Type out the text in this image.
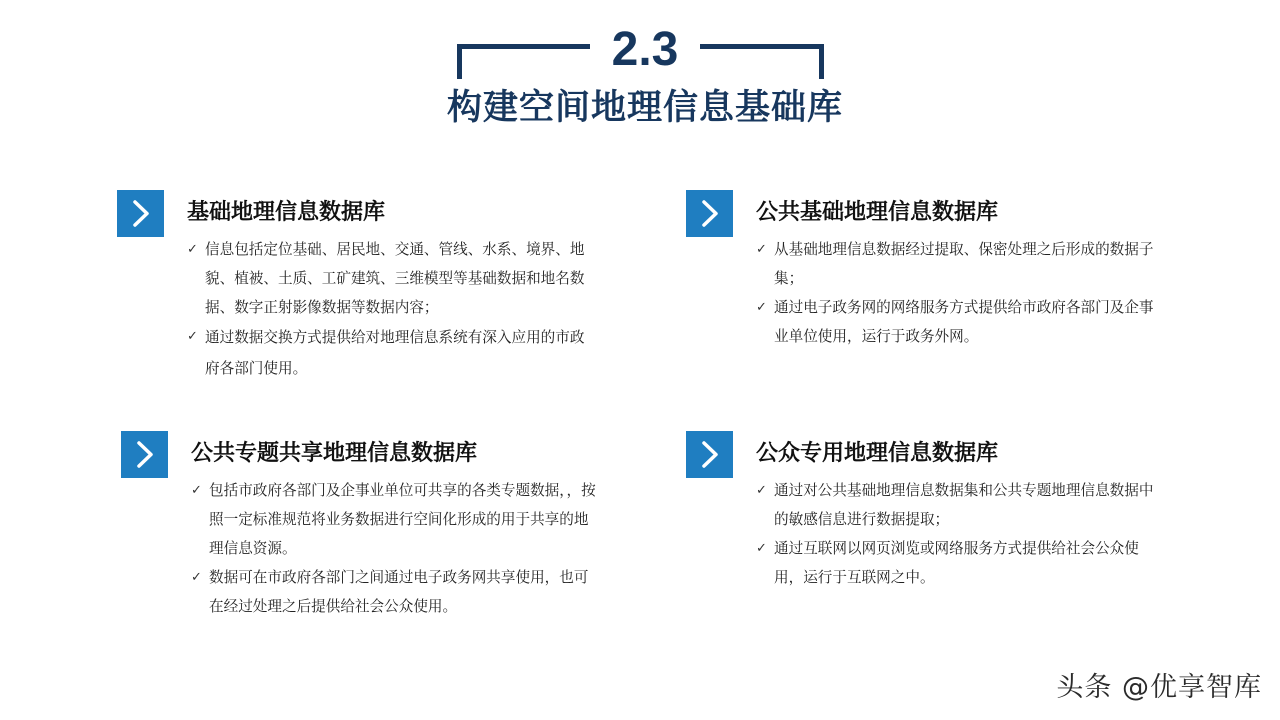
2.3
构建空间地理信息基础库
基础地理信息数据库
✓ 信息包括定位基础、居民地、交通、管线、水系、境界、地貌、植被、土质、工矿建筑、三维模型等基础数据和地名数据、数字正射影像数据等数据内容；
✓ 通过数据交换方式提供给对地理信息系统有深入应用的市政府各部门使用。
公共基础地理信息数据库
✓ 从基础地理信息数据经过提取、保密处理之后形成的数据子集；
✓ 通过电子政务网的网络服务方式提供给市政府各部门及企事业单位使用，运行于政务外网。
公共专题共享地理信息数据库
✓ 包括市政府各部门及企事业单位可共享的各类专题数据，，按照一定标准规范将业务数据进行空间化形成的用于共享的地理信息资源。
✓ 数据可在市政府各部门之间通过电子政务网共享使用，也可在经过处理之后提供给社会公众使用。
公众专用地理信息数据库
✓ 通过对公共基础地理信息数据集和公共专题地理信息数据中的敏感信息进行数据提取；
✓ 通过互联网以网页浏览或网络服务方式提供给社会公众使用，运行于互联网之中。
头条 @优享智库
